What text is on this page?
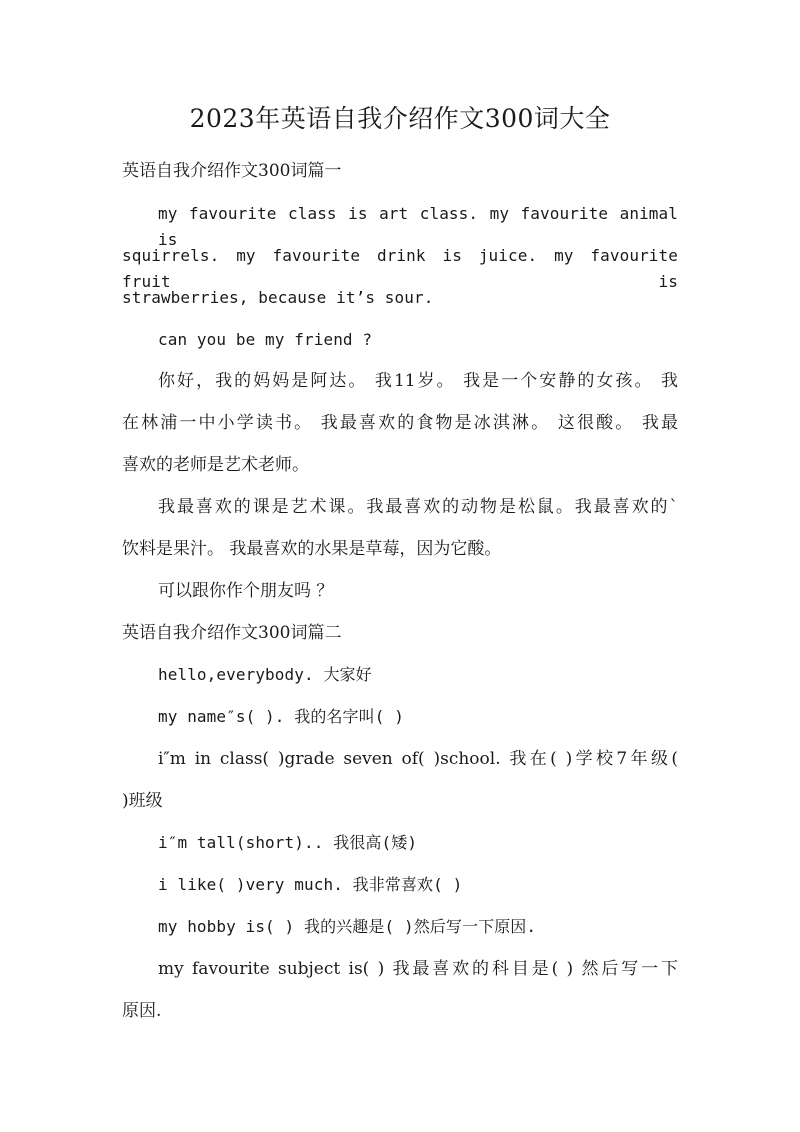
2023年英语自我介绍作文300词大全
英语自我介绍作文300词篇一
my favourite class is art class. my favourite animal is
squirrels. my favourite drink is juice. my favourite fruit is
strawberries, because it’s sour.
can you be my friend ?
你好，我的妈妈是阿达。 我11岁。 我是一个安静的女孩。 我
在林浦一中小学读书。 我最喜欢的食物是冰淇淋。 这很酸。 我最
喜欢的老师是艺术老师。
我最喜欢的课是艺术课。我最喜欢的动物是松鼠。我最喜欢的`
饮料是果汁。 我最喜欢的水果是草莓，因为它酸。
可以跟你作个朋友吗 ？
英语自我介绍作文300词篇二
hello,everybody. 大家好
my name″s( ). 我的名字叫( )
i″m in class( )grade seven of( )school. 我在( )学校7年级(
)班级
i″m tall(short).. 我很高(矮)
i like( )very much. 我非常喜欢( )
my hobby is( ) 我的兴趣是( )然后写一下原因.
my favourite subject is( ) 我最喜欢的科目是( ) 然后写一下
原因.
